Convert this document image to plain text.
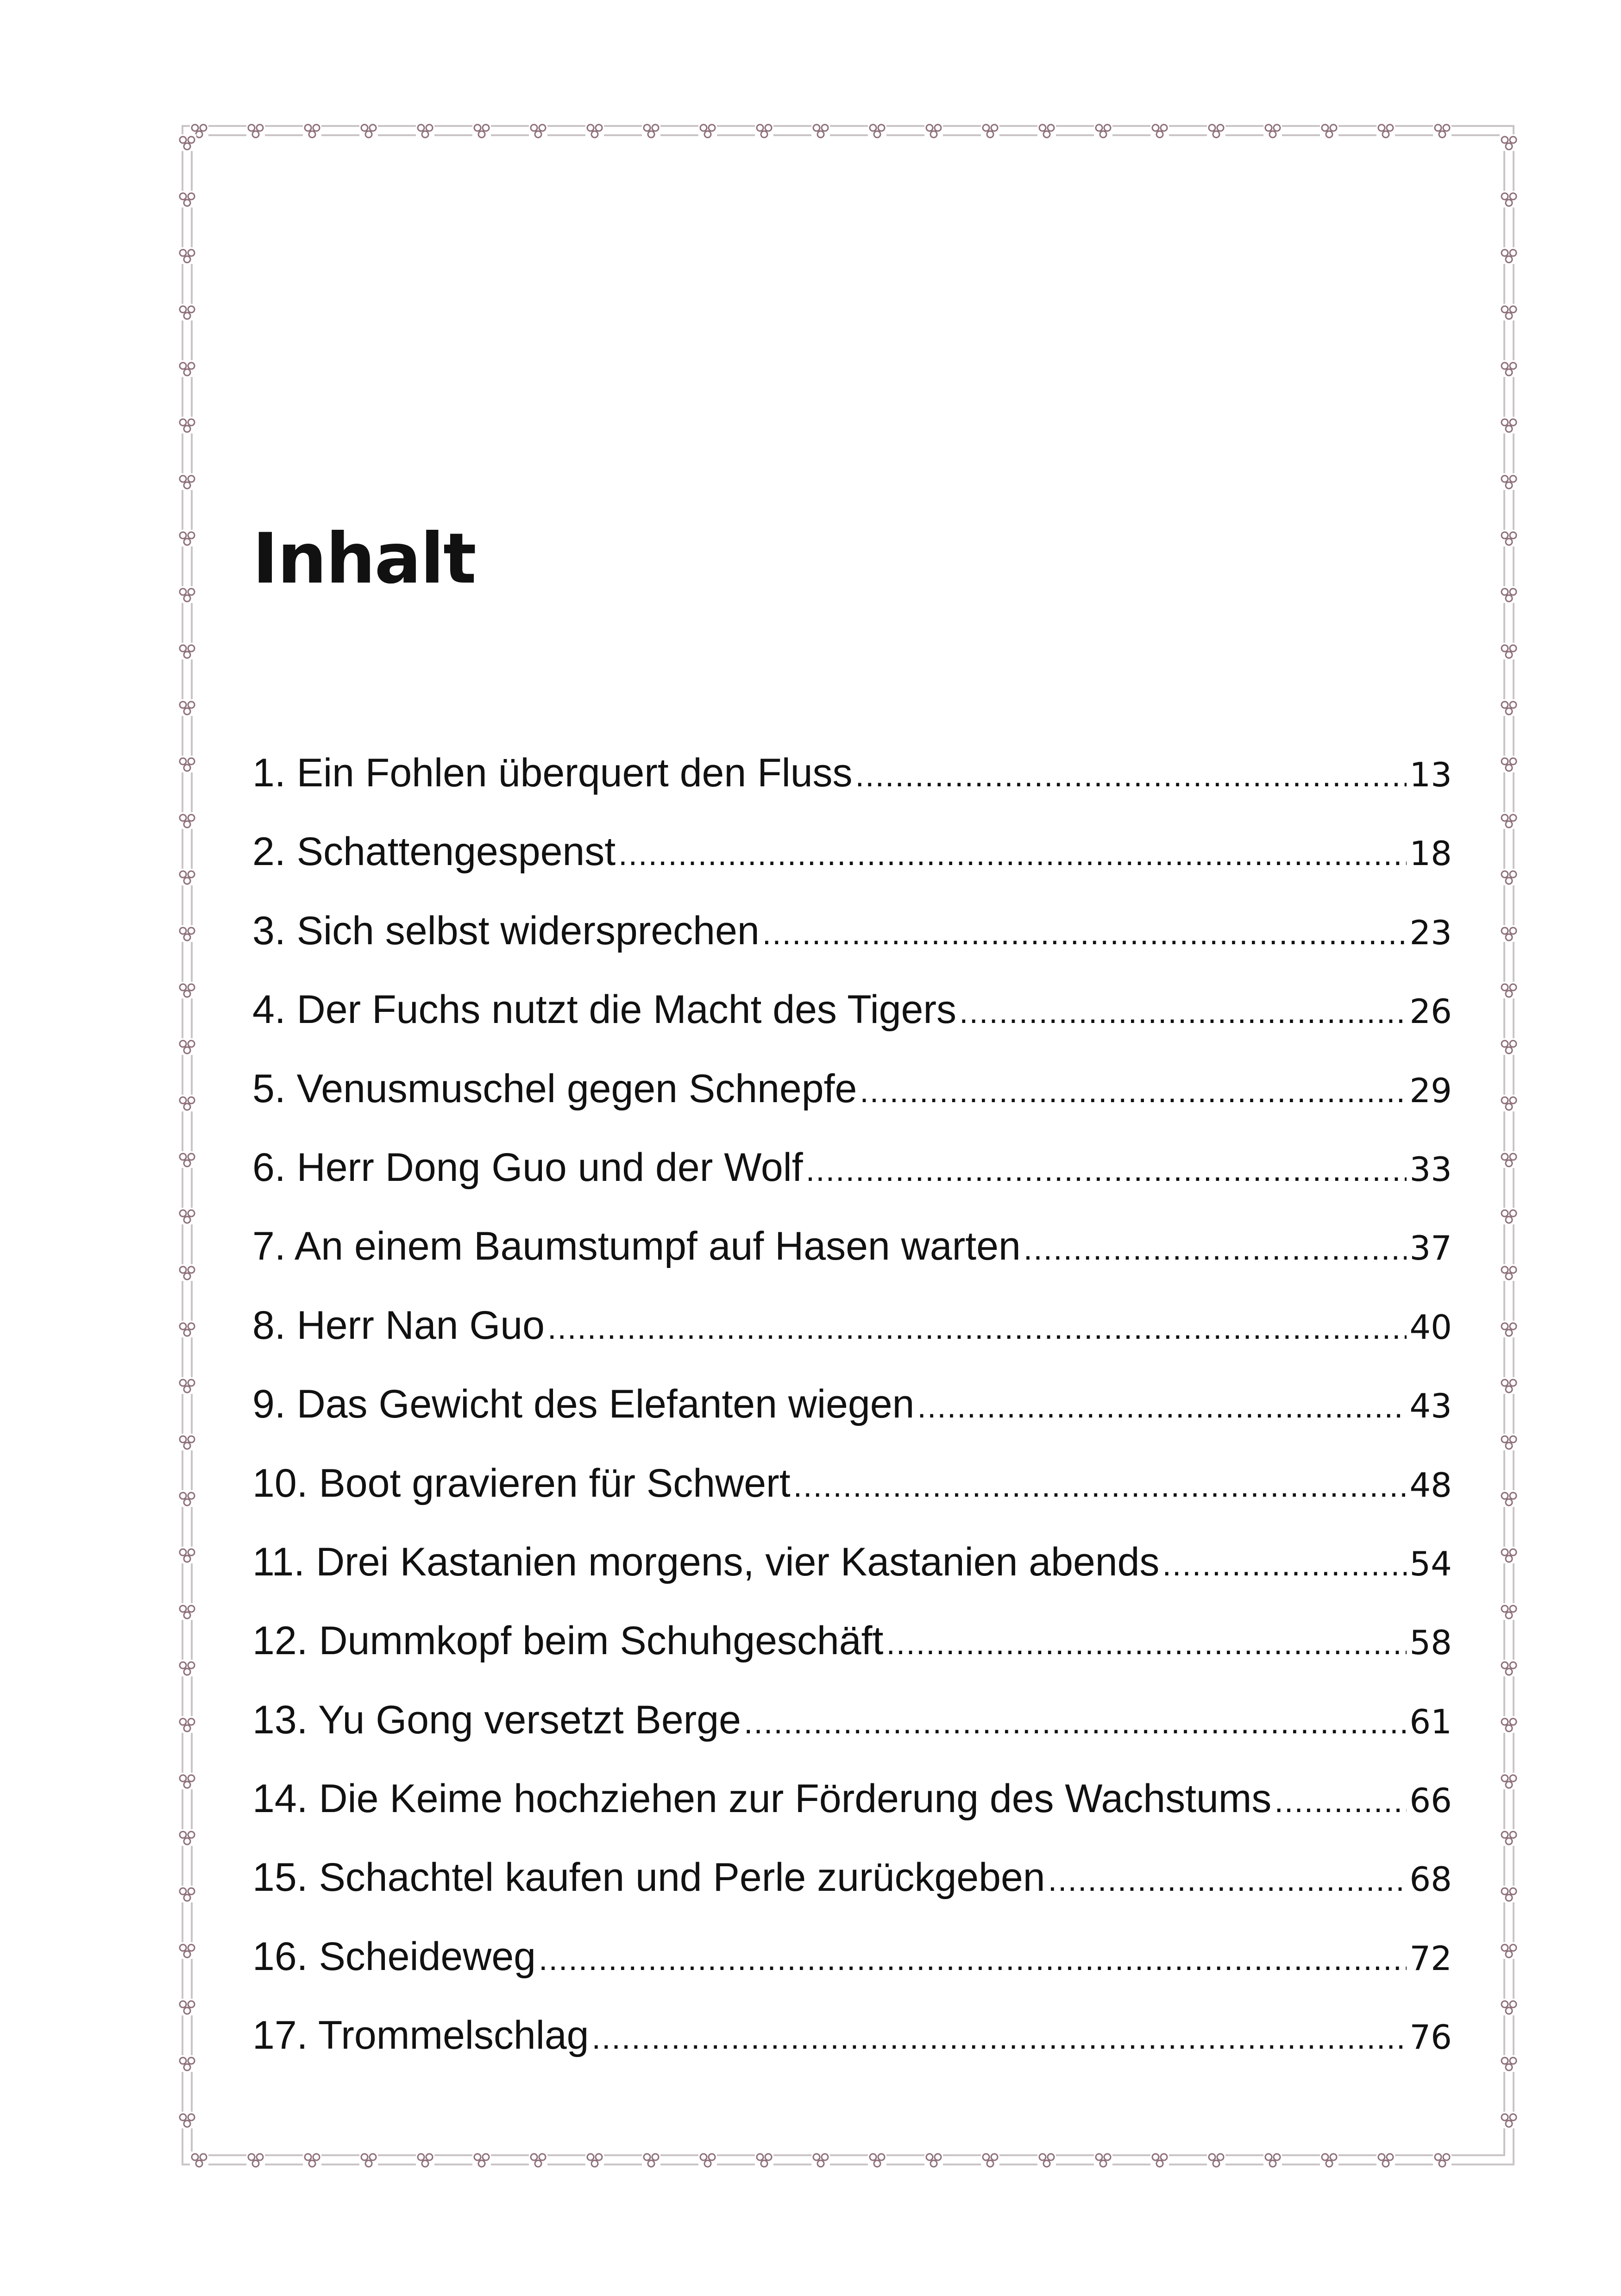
Inhalt
1. Ein Fohlen überquert den Fluss .....	13
2. Schattengespenst .....	18
3. Sich selbst widersprechen .....	23
4. Der Fuchs nutzt die Macht des Tigers .....	26
5. Venusmuschel gegen Schnepfe .....	29
6. Herr Dong Guo und der Wolf .....	33
7. An einem Baumstumpf auf Hasen warten .....	37
8. Herr Nan Guo .....	40
9. Das Gewicht des Elefanten wiegen .....	43
10. Boot gravieren für Schwert .....	48
11. Drei Kastanien morgens, vier Kastanien abends .....	54
12. Dummkopf beim Schuhgeschäft .....	58
13. Yu Gong versetzt Berge .....	61
14. Die Keime hochziehen zur Förderung des Wachstums .....	66
15. Schachtel kaufen und Perle zurückgeben .....	68
16. Scheideweg .....	72
17. Trommelschlag .....	76
